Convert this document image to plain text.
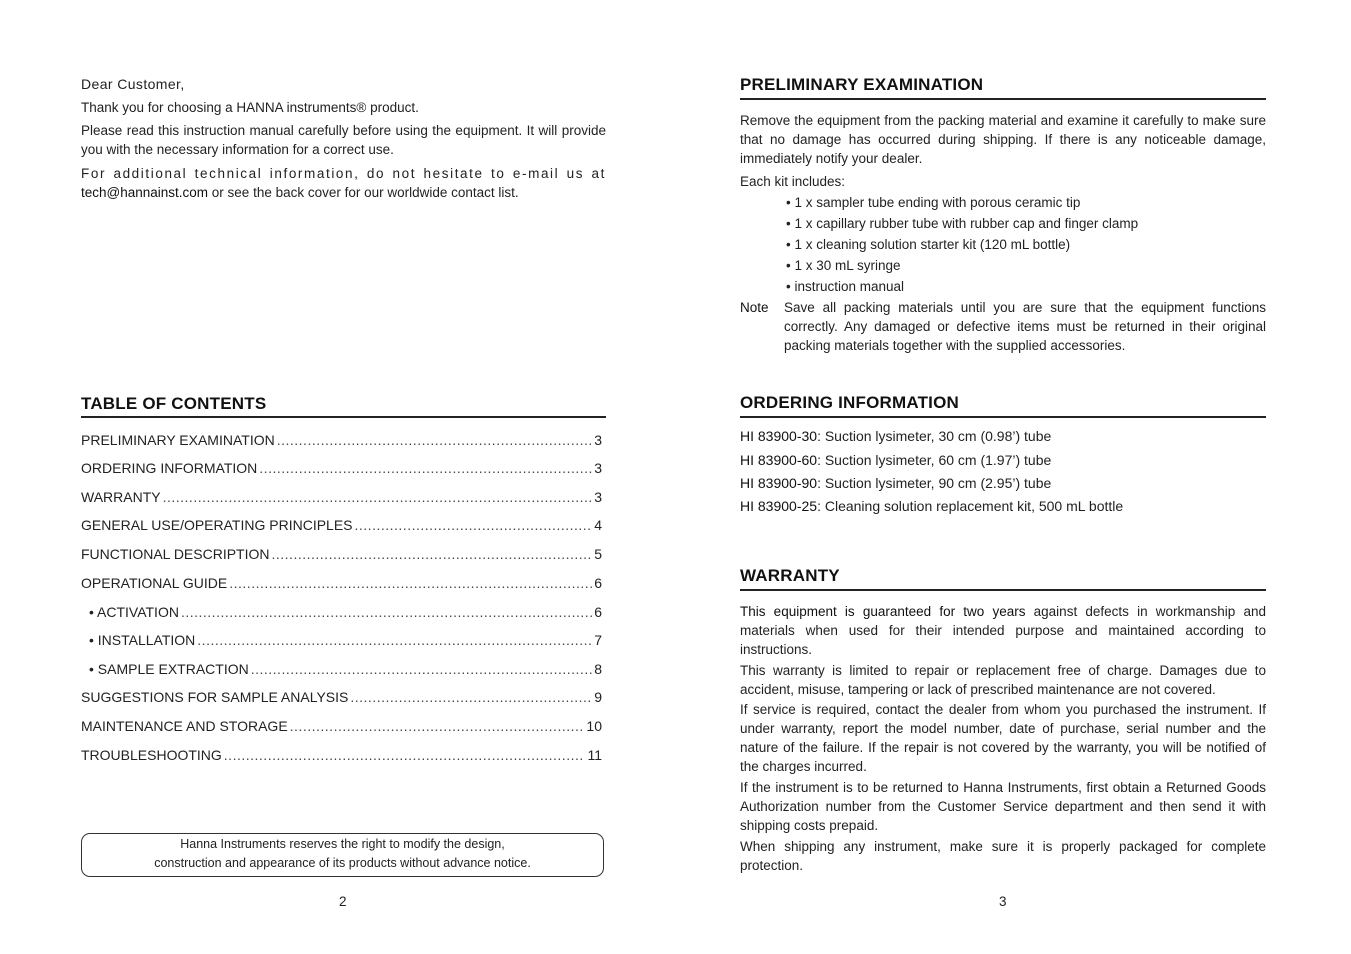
Dear Customer,

Thank you for choosing a HANNA instruments® product.

Please read this instruction manual carefully before using the equipment. It will provide you with the necessary information for a correct use.

For additional technical information, do not hesitate to e-mail us at tech@hannainst.com or see the back cover for our worldwide contact list.

TABLE OF CONTENTS
PRELIMINARY EXAMINATION .....	3
ORDERING INFORMATION .....	3
WARRANTY .....	3
GENERAL USE/OPERATING PRINCIPLES .....	4
FUNCTIONAL DESCRIPTION .....	5
OPERATIONAL GUIDE .....	6
• ACTIVATION .....	6
• INSTALLATION .....	7
• SAMPLE EXTRACTION .....	8
SUGGESTIONS FOR SAMPLE ANALYSIS .....	9
MAINTENANCE AND STORAGE .....	10
TROUBLESHOOTING .....	11
Hanna Instruments reserves the right to modify the design,
construction and appearance of its products without advance notice.
2
PRELIMINARY EXAMINATION

Remove the equipment from the packing material and examine it carefully to make sure that no damage has occurred during shipping. If there is any noticeable damage, immediately notify your dealer.

Each kit includes:

• 1 x sampler tube ending with porous ceramic tip
• 1 x capillary rubber tube with rubber cap and finger clamp
• 1 x cleaning solution starter kit (120 mL bottle)
• 1 x 30 mL syringe
• instruction manual
Note Save all packing materials until you are sure that the equipment functions correctly. Any damaged or defective items must be returned in their original packing materials together with the supplied accessories.

ORDERING INFORMATION
HI 83900-30: Suction lysimeter, 30 cm (0.98’) tube
HI 83900-60: Suction lysimeter, 60 cm (1.97’) tube
HI 83900-90: Suction lysimeter, 90 cm (2.95’) tube
HI 83900-25: Cleaning solution replacement kit, 500 mL bottle
WARRANTY

This equipment is guaranteed for two years against defects in workmanship and materials when used for their intended purpose and maintained according to instructions.

This warranty is limited to repair or replacement free of charge. Damages due to accident, misuse, tampering or lack of prescribed maintenance are not covered.

If service is required, contact the dealer from whom you purchased the instrument. If under warranty, report the model number, date of purchase, serial number and the nature of the failure. If the repair is not covered by the warranty, you will be notified of the charges incurred.

If the instrument is to be returned to Hanna Instruments, first obtain a Returned Goods Authorization number from the Customer Service department and then send it with shipping costs prepaid.

When shipping any instrument, make sure it is properly packaged for complete protection.

3
